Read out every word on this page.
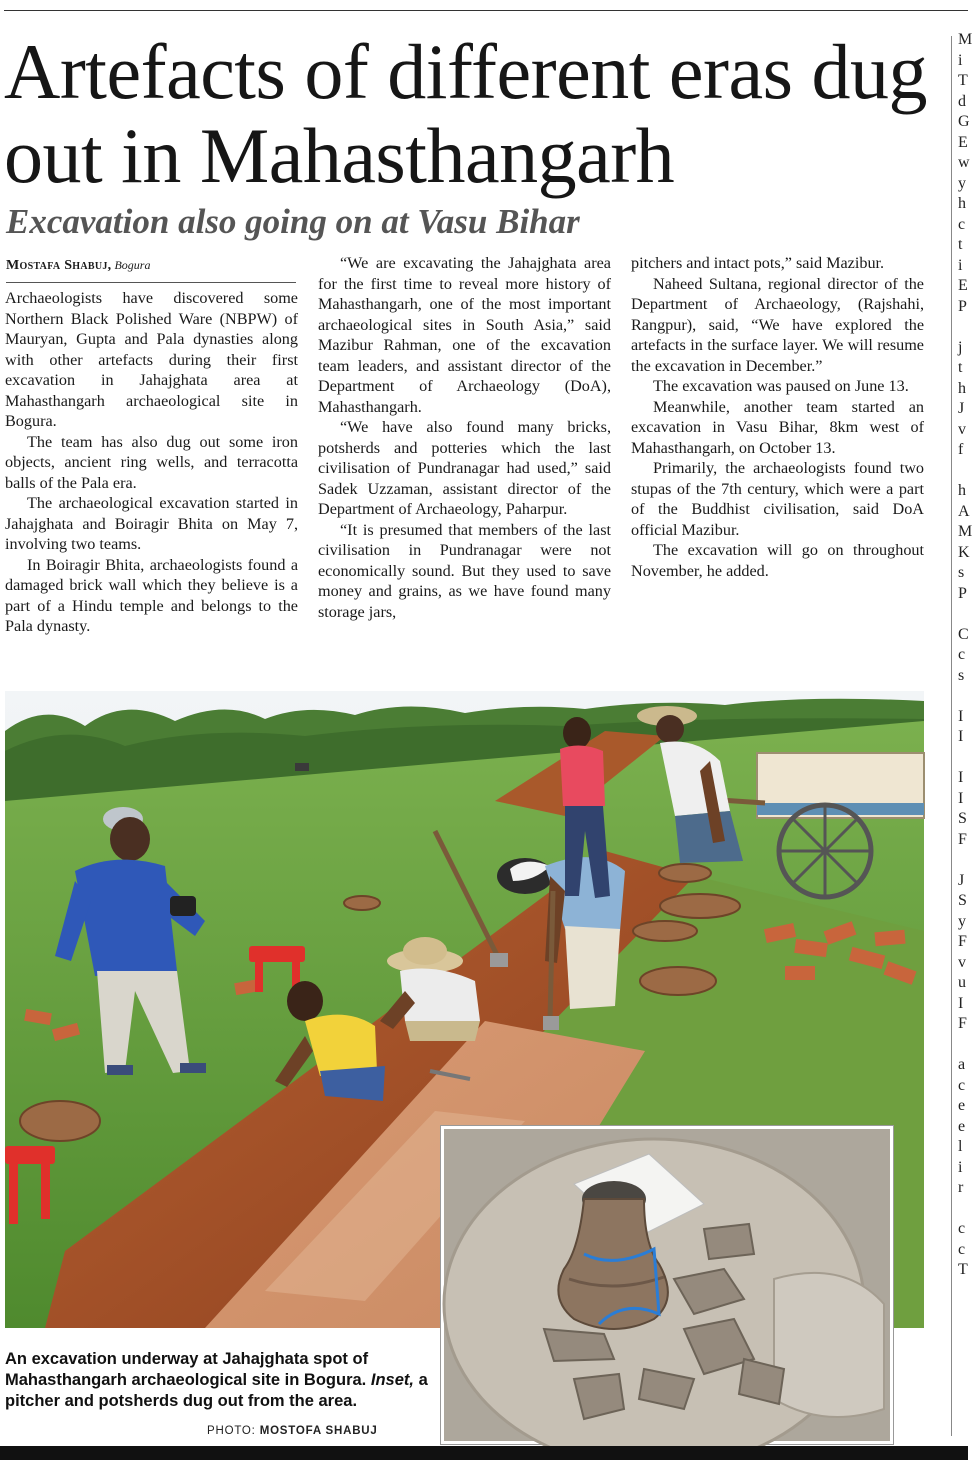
Artefacts of different eras dug out in Mahasthangarh
Excavation also going on at Vasu Bihar
Mostafa Shabuj, Bogura

Archaeologists have discovered some Northern Black Polished Ware (NBPW) of Mauryan, Gupta and Pala dynasties along with other artefacts during their first excavation in Jahajghata area at Mahasthangarh archaeological site in Bogura.

The team has also dug out some iron objects, ancient ring wells, and terracotta balls of the Pala era.

The archaeological excavation started in Jahajghata and Boiragir Bhita on May 7, involving two teams.

In Boiragir Bhita, archaeologists found a damaged brick wall which they believe is a part of a Hindu temple and belongs to the Pala dynasty.

“We are excavating the Jahajghata area for the first time to reveal more history of Mahasthangarh, one of the most important archaeological sites in South Asia,” said Mazibur Rahman, one of the excavation team leaders, and assistant director of the Department of Archaeology (DoA), Mahasthangarh.

“We have also found many bricks, potsherds and potteries which the last civilisation of Pundranagar had used,” said Sadek Uzzaman, assistant director of the Department of Archaeology, Paharpur.

“It is presumed that members of the last civilisation in Pundranagar were not economically sound. But they used to save money and grains, as we have found many storage jars,

pitchers and intact pots,” said Mazibur.

Naheed Sultana, regional director of the Department of Archaeology, (Rajshahi, Rangpur), said, “We have explored the artefacts in the surface layer. We will resume the excavation in December.”

The excavation was paused on June 13.

Meanwhile, another team started an excavation in Vasu Bihar, 8km west of Mahasthangarh, on October 13.

Primarily, the archaeologists found two stupas of the 7th century, which were a part of the Buddhist civilisation, said DoA official Mazibur.

The excavation will go on throughout November, he added.

An excavation underway at Jahajghata spot of Mahasthangarh archaeological site in Bogura. Inset, a pitcher and potsherds dug out from the area.
PHOTO: MOSTOFA SHABUJ
M
i
T
d
G
E
w
y
h
c
t
i
E
P

j
t
h
J
v
f

h
A
M
K
s
P

C
c
s

I
I

I
I
S
F

J
S
y
F
v
u
I
F

a
c
e
e
l
i
r

c
c
T
